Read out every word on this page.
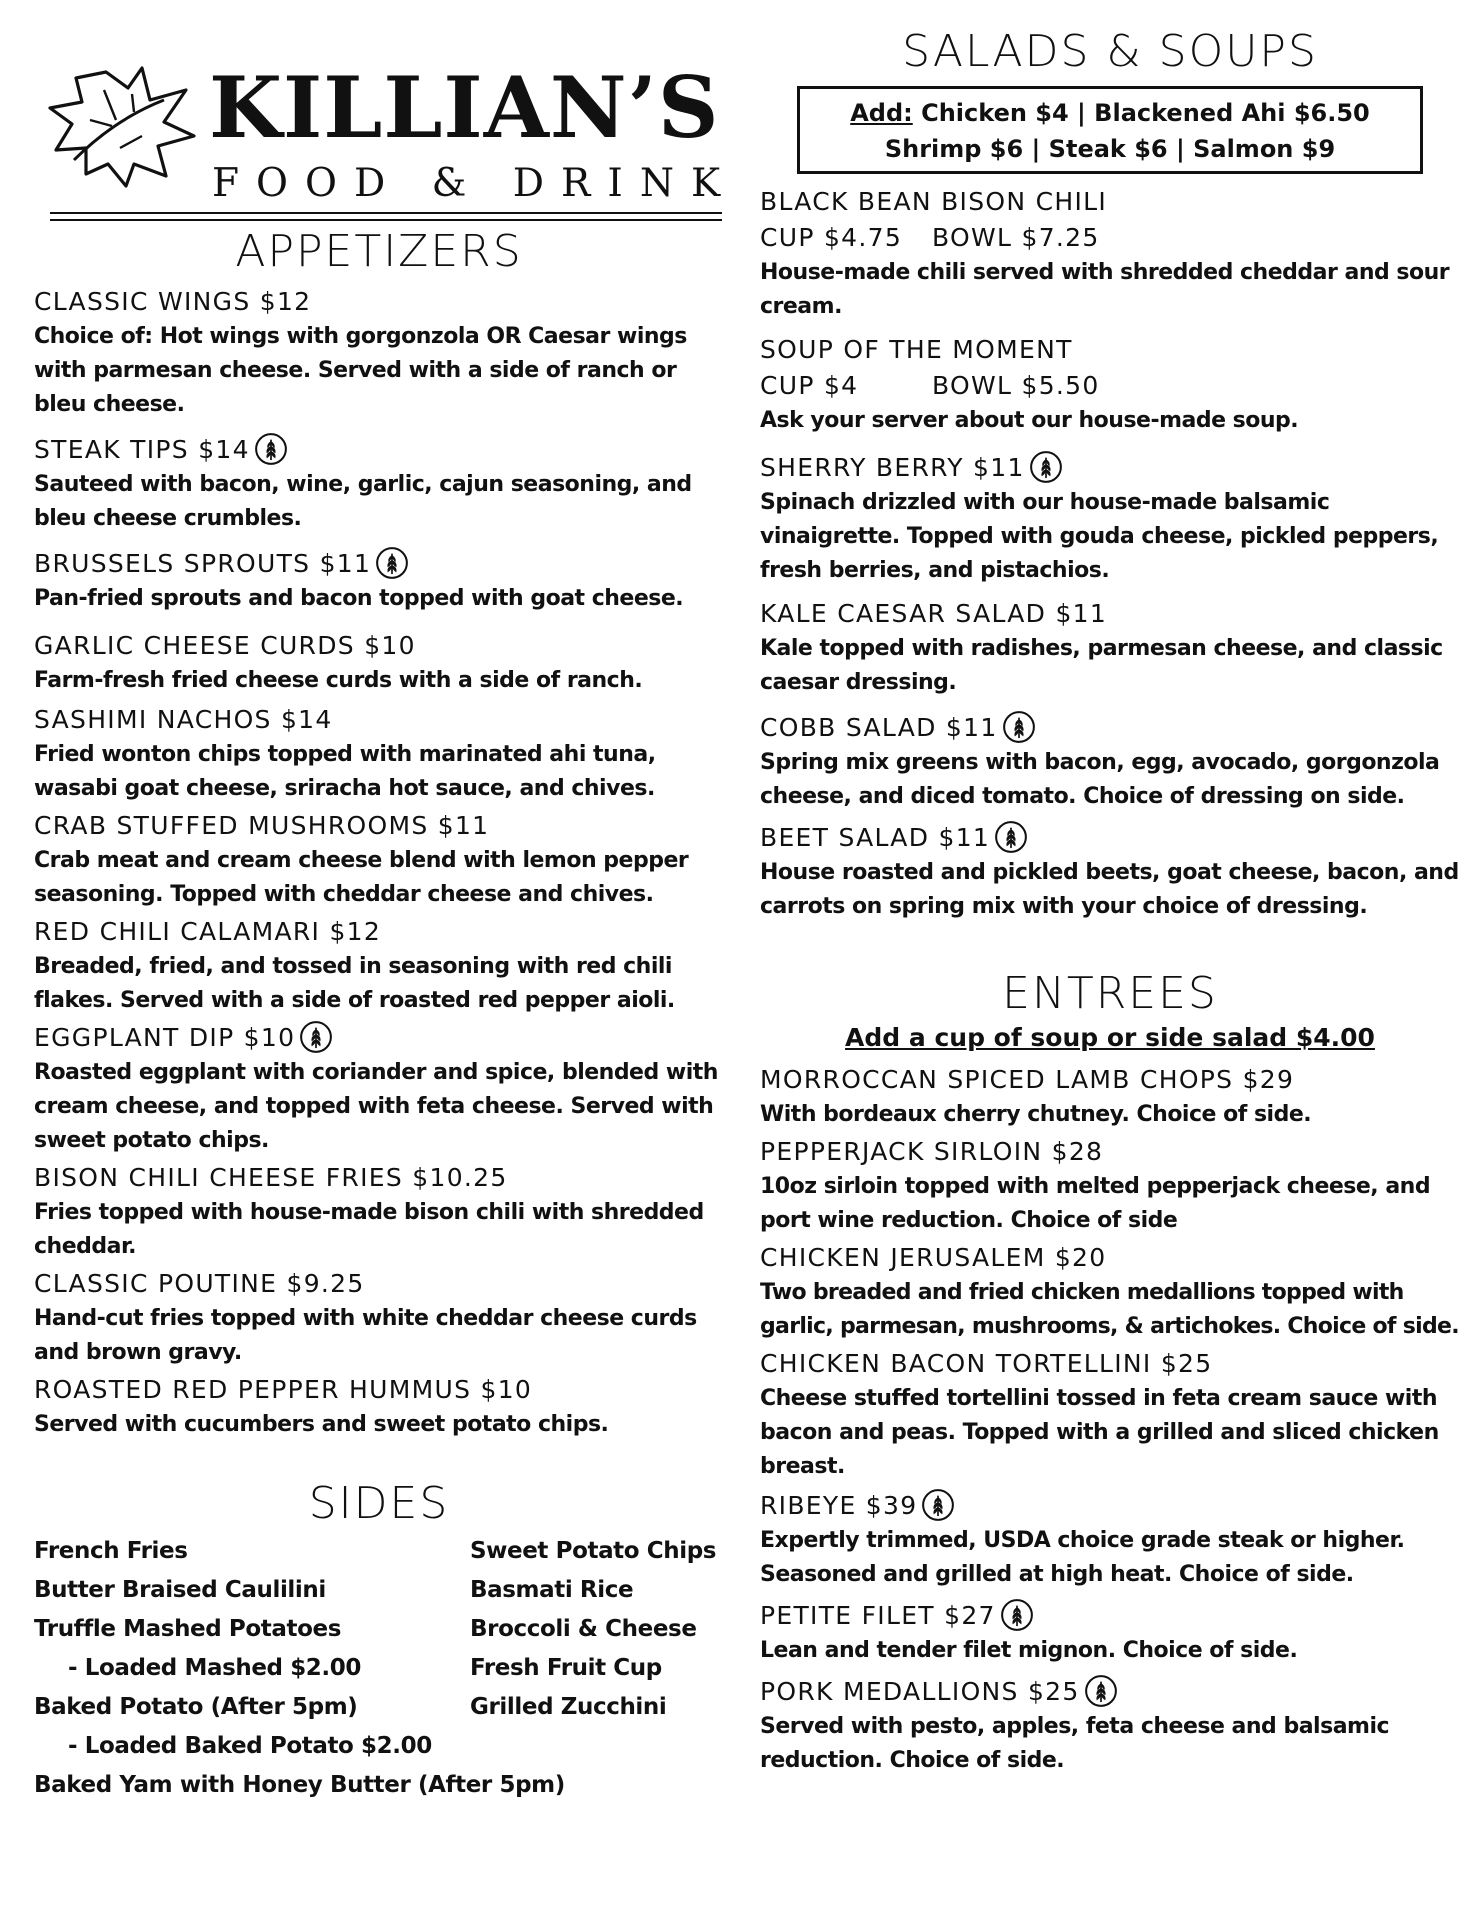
KILLIAN’S
FOOD & DRINK
APPETIZERS
CLASSIC WINGS $12
Choice of: Hot wings with gorgonzola OR Caesar wings with parmesan cheese. Served with a side of ranch or bleu cheese.
STEAK TIPS $14
Sauteed with bacon, wine, garlic, cajun seasoning, and bleu cheese crumbles.
BRUSSELS SPROUTS $11
Pan-fried sprouts and bacon topped with goat cheese.
GARLIC CHEESE CURDS $10
Farm-fresh fried cheese curds with a side of ranch.
SASHIMI NACHOS $14
Fried wonton chips topped with marinated ahi tuna, wasabi goat cheese, sriracha hot sauce, and chives.
CRAB STUFFED MUSHROOMS $11
Crab meat and cream cheese blend with lemon pepper seasoning. Topped with cheddar cheese and chives.
RED CHILI CALAMARI $12
Breaded, fried, and tossed in seasoning with red chili flakes. Served with a side of roasted red pepper aioli.
EGGPLANT DIP $10
Roasted eggplant with coriander and spice, blended with cream cheese, and topped with feta cheese. Served with sweet potato chips.
BISON CHILI CHEESE FRIES $10.25
Fries topped with house-made bison chili with shredded cheddar.
CLASSIC POUTINE $9.25
Hand-cut fries topped with white cheddar cheese curds and brown gravy.
ROASTED RED PEPPER HUMMUS $10
Served with cucumbers and sweet potato chips.
SIDES
French Fries
Butter Braised Caulilini
Truffle Mashed Potatoes
- Loaded Mashed $2.00
Baked Potato (After 5pm)
- Loaded Baked Potato $2.00
Baked Yam with Honey Butter (After 5pm)
Sweet Potato Chips
Basmati Rice
Broccoli & Cheese
Fresh Fruit Cup
Grilled Zucchini
SALADS & SOUPS
Add: Chicken $4 | Blackened Ahi $6.50
Shrimp $6 | Steak $6 | Salmon $9
BLACK BEAN BISON CHILI
CUP $4.75 BOWL $7.25
House-made chili served with shredded cheddar and sour cream.
SOUP OF THE MOMENT
CUP $4	BOWL $5.50
Ask your server about our house-made soup.
SHERRY BERRY $11
Spinach drizzled with our house-made balsamic vinaigrette. Topped with gouda cheese, pickled peppers, fresh berries, and pistachios.
KALE CAESAR SALAD $11
Kale topped with radishes, parmesan cheese, and classic caesar dressing.
COBB SALAD $11
Spring mix greens with bacon, egg, avocado, gorgonzola cheese, and diced tomato. Choice of dressing on side.
BEET SALAD $11
House roasted and pickled beets, goat cheese, bacon, and carrots on spring mix with your choice of dressing.
ENTREES
Add a cup of soup or side salad $4.00
MORROCCAN SPICED LAMB CHOPS $29
With bordeaux cherry chutney. Choice of side.
PEPPERJACK SIRLOIN $28
10oz sirloin topped with melted pepperjack cheese, and port wine reduction. Choice of side
CHICKEN JERUSALEM $20
Two breaded and fried chicken medallions topped with garlic, parmesan, mushrooms, & artichokes. Choice of side.
CHICKEN BACON TORTELLINI $25
Cheese stuffed tortellini tossed in feta cream sauce with bacon and peas. Topped with a grilled and sliced chicken breast.
RIBEYE $39
Expertly trimmed, USDA choice grade steak or higher. Seasoned and grilled at high heat. Choice of side.
PETITE FILET $27
Lean and tender filet mignon. Choice of side.
PORK MEDALLIONS $25
Served with pesto, apples, feta cheese and balsamic reduction. Choice of side.
